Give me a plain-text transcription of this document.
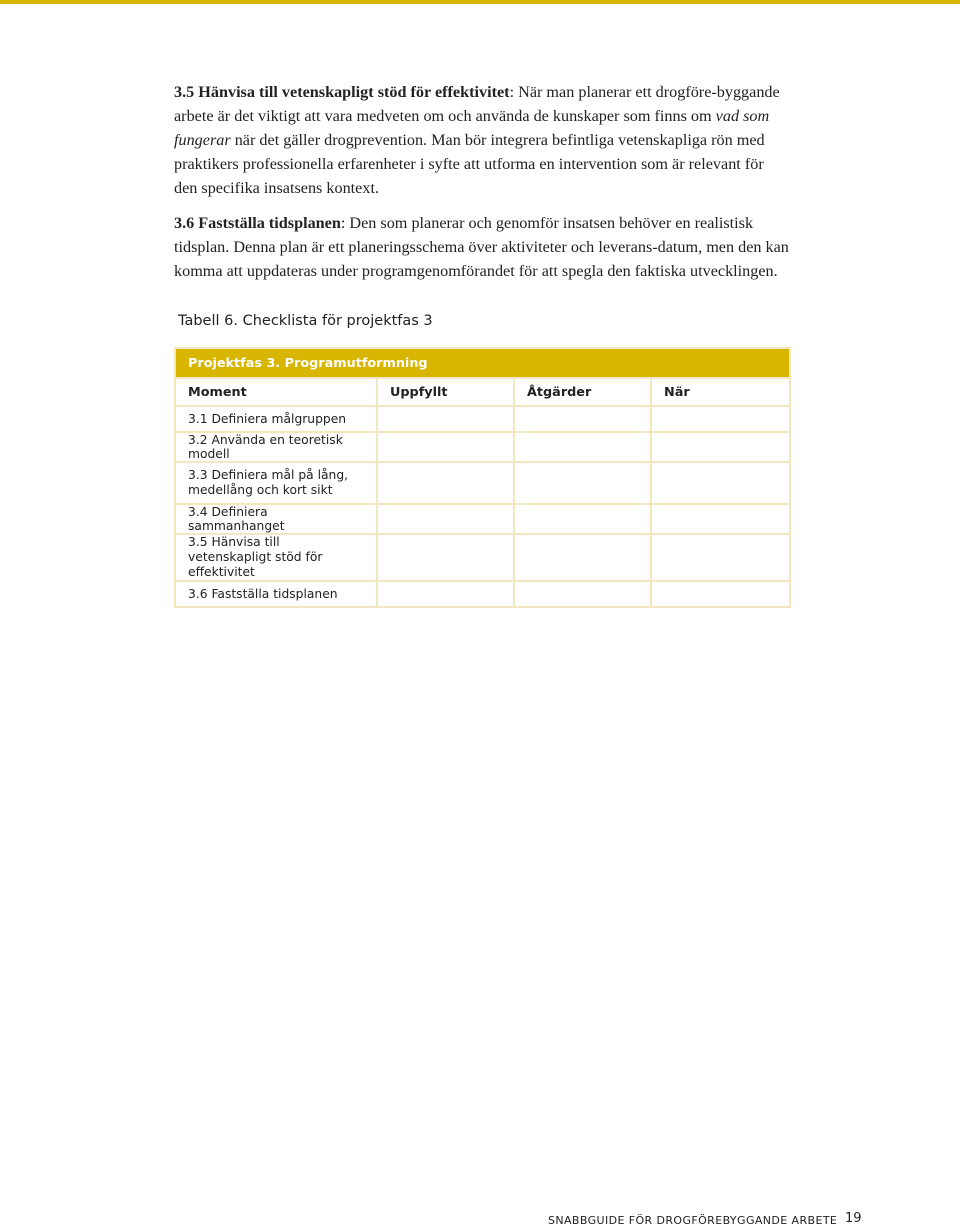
3.5 Hänvisa till vetenskapligt stöd för effektivitet: När man planerar ett drogföre-byggande arbete är det viktigt att vara medveten om och använda de kunskaper som finns om vad som fungerar när det gäller drogprevention. Man bör integrera befintliga vetenskapliga rön med praktikers professionella erfarenheter i syfte att utforma en intervention som är relevant för den specifika insatsens kontext.

3.6 Fastställa tidsplanen: Den som planerar och genomför insatsen behöver en realistisk tidsplan. Denna plan är ett planeringsschema över aktiviteter och leverans-datum, men den kan komma att uppdateras under programgenomförandet för att spegla den faktiska utvecklingen.

Tabell 6. Checklista för projektfas 3
Projektfas 3. Programutformning			
Moment	Uppfyllt	Åtgärder	När
3.1 Definiera målgruppen			
3.2 Använda en teoretisk modell			
3.3 Definiera mål på lång, medellång och kort sikt			
3.4 Definiera sammanhanget			
3.5 Hänvisa till vetenskapligt stöd för effektivitet			
3.6 Fastställa tidsplanen			
SNABBGUIDE FÖR DROGFÖREBYGGANDE ARBETE 19
